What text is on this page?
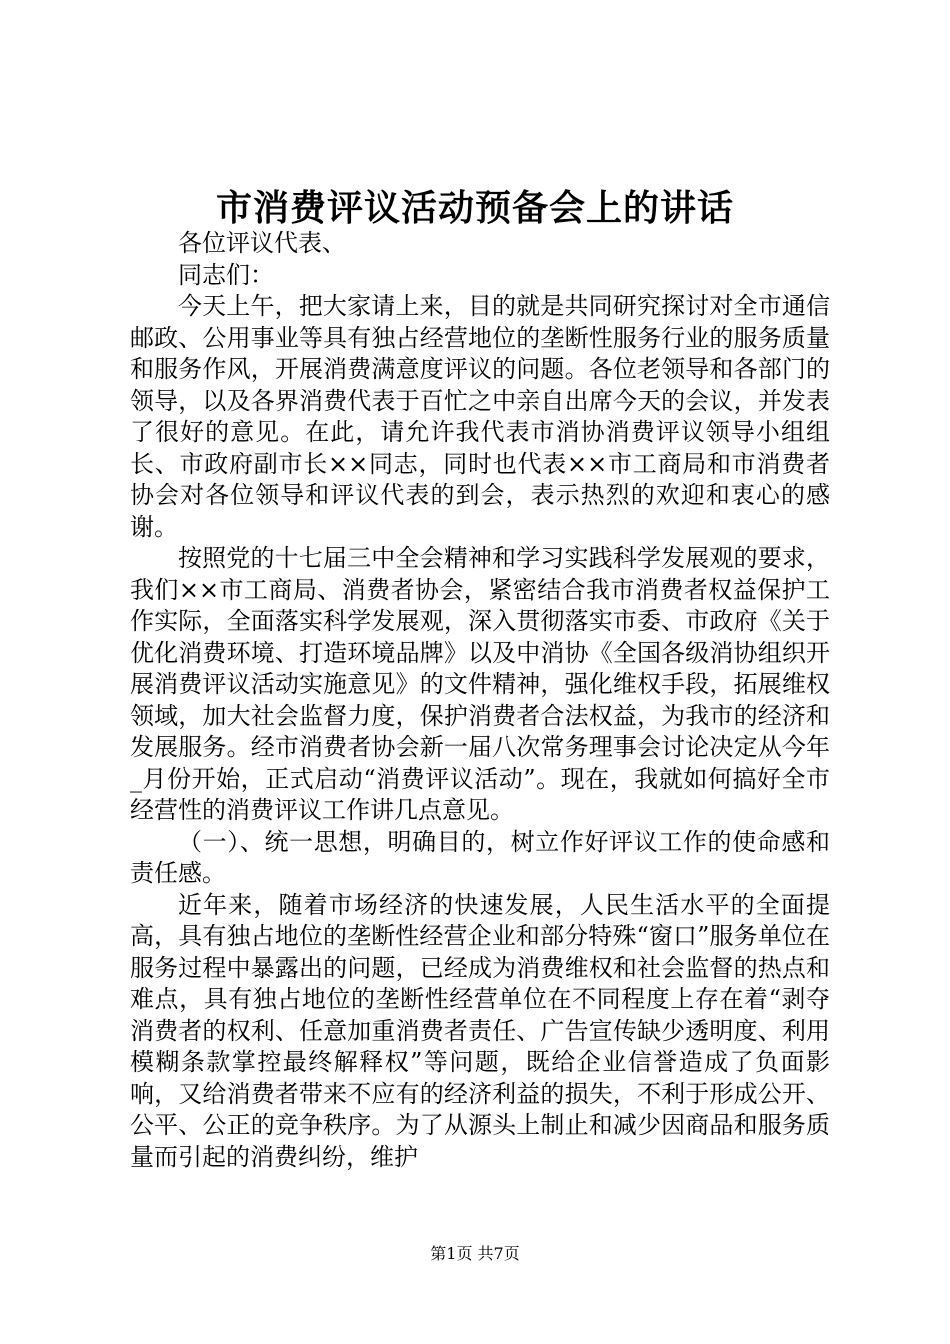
市消费评议活动预备会上的讲话

各位评议代表、

同志们：

今天上午，把大家请上来，目的就是共同研究探讨对全市通信邮政、公用事业等具有独占经营地位的垄断性服务行业的服务质量和服务作风，开展消费满意度评议的问题。各位老领导和各部门的领导，以及各界消费代表于百忙之中亲自出席今天的会议，并发表了很好的意见。在此，请允许我代表市消协消费评议领导小组组长、市政府副市长××同志，同时也代表××市工商局和市消费者协会对各位领导和评议代表的到会，表示热烈的欢迎和衷心的感谢。

按照党的十七届三中全会精神和学习实践科学发展观的要求，我们××市工商局、消费者协会，紧密结合我市消费者权益保护工作实际，全面落实科学发展观，深入贯彻落实市委、市政府《关于优化消费环境、打造环境品牌》以及中消协《全国各级消协组织开展消费评议活动实施意见》的文件精神，强化维权手段，拓展维权领域，加大社会监督力度，保护消费者合法权益，为我市的经济和发展服务。经市消费者协会新一届八次常务理事会讨论决定从今年_月份开始，正式启动“消费评议活动”。现在，我就如何搞好全市经营性的消费评议工作讲几点意见。

（一）、统一思想，明确目的，树立作好评议工作的使命感和责任感。

近年来，随着市场经济的快速发展，人民生活水平的全面提高，具有独占地位的垄断性经营企业和部分特殊“窗口”服务单位在服务过程中暴露出的问题，已经成为消费维权和社会监督的热点和难点，具有独占地位的垄断性经营单位在不同程度上存在着“剥夺消费者的权利、任意加重消费者责任、广告宣传缺少透明度、利用模糊条款掌控最终解释权”等问题，既给企业信誉造成了负面影响，又给消费者带来不应有的经济利益的损失，不利于形成公开、公平、公正的竞争秩序。为了从源头上制止和减少因商品和服务质量而引起的消费纠纷，维护

第1页 共7页
